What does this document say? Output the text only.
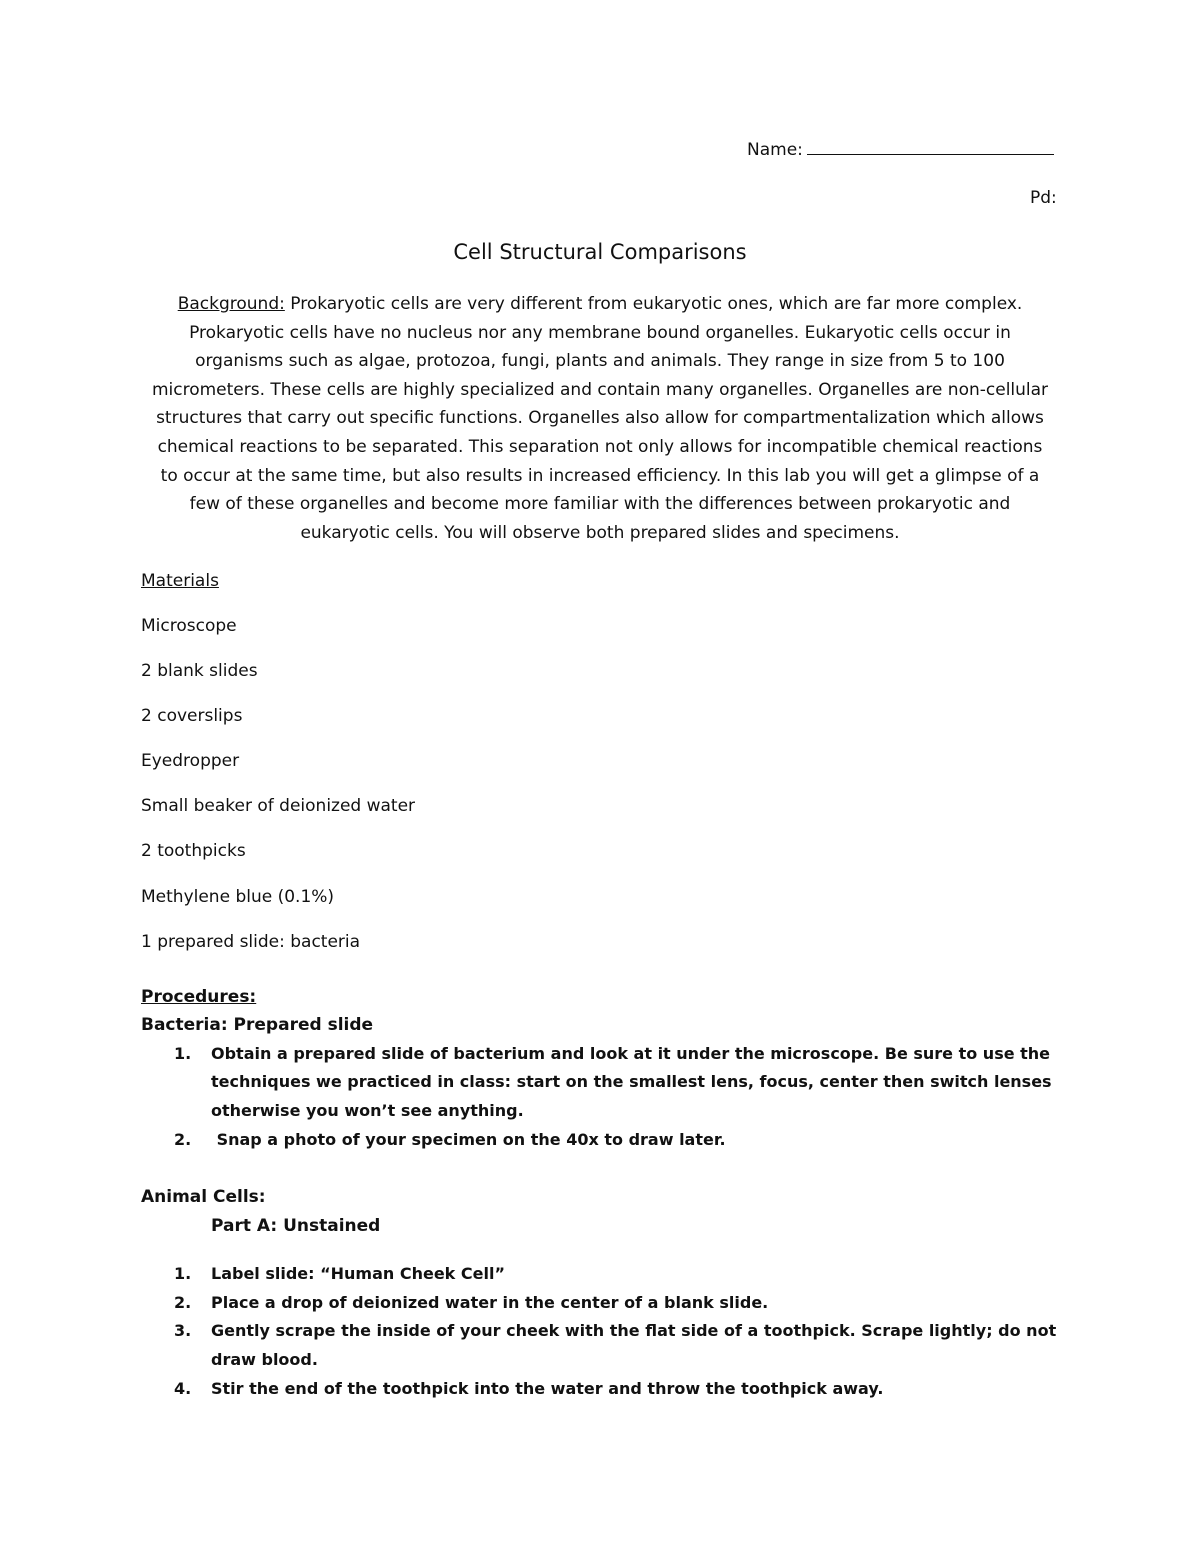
Name:
Pd:
Cell Structural Comparisons
Background: Prokaryotic cells are very different from eukaryotic ones, which are far more complex.
Prokaryotic cells have no nucleus nor any membrane bound organelles. Eukaryotic cells occur in
organisms such as algae, protozoa, fungi, plants and animals. They range in size from 5 to 100
micrometers. These cells are highly specialized and contain many organelles. Organelles are non-cellular
structures that carry out specific functions. Organelles also allow for compartmentalization which allows
chemical reactions to be separated. This separation not only allows for incompatible chemical reactions
to occur at the same time, but also results in increased efficiency. In this lab you will get a glimpse of a
few of these organelles and become more familiar with the differences between prokaryotic and
eukaryotic cells. You will observe both prepared slides and specimens.
Materials
Microscope
2 blank slides
2 coverslips
Eyedropper
Small beaker of deionized water
2 toothpicks
Methylene blue (0.1%)
1 prepared slide: bacteria
Procedures:
Bacteria: Prepared slide
1. Obtain a prepared slide of bacterium and look at it under the microscope. Be sure to use the
techniques we practiced in class: start on the smallest lens, focus, center then switch lenses
otherwise you won’t see anything.
2. Snap a photo of your specimen on the 40x to draw later.
Animal Cells:
Part A: Unstained
1. Label slide: “Human Cheek Cell”
2. Place a drop of deionized water in the center of a blank slide.
3. Gently scrape the inside of your cheek with the flat side of a toothpick. Scrape lightly; do not
draw blood.
4. Stir the end of the toothpick into the water and throw the toothpick away.
